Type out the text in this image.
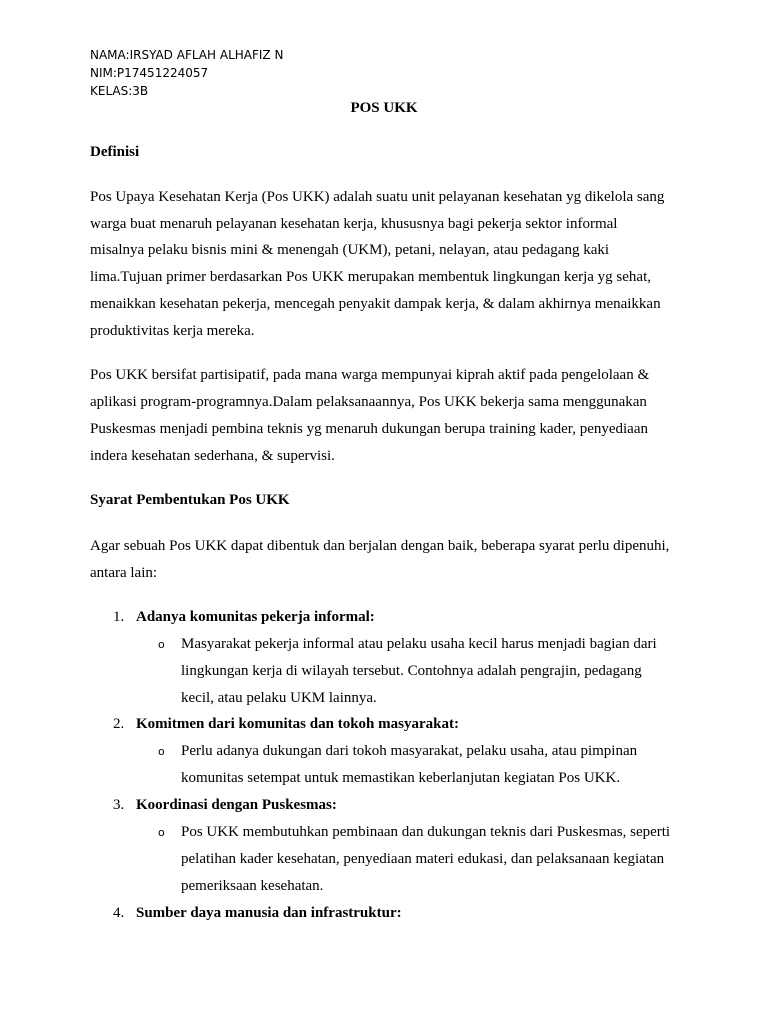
NAMA:IRSYAD AFLAH ALHAFIZ N
NIM:P17451224057
KELAS:3B
POS UKK
Definisi
Pos Upaya Kesehatan Kerja (Pos UKK) adalah suatu unit pelayanan kesehatan yg dikelola sang
warga buat menaruh pelayanan kesehatan kerja, khususnya bagi pekerja sektor informal
misalnya pelaku bisnis mini & menengah (UKM), petani, nelayan, atau pedagang kaki
lima.Tujuan primer berdasarkan Pos UKK merupakan membentuk lingkungan kerja yg sehat,
menaikkan kesehatan pekerja, mencegah penyakit dampak kerja, & dalam akhirnya menaikkan
produktivitas kerja mereka.
Pos UKK bersifat partisipatif, pada mana warga mempunyai kiprah aktif pada pengelolaan &
aplikasi program-programnya.Dalam pelaksanaannya, Pos UKK bekerja sama menggunakan
Puskesmas menjadi pembina teknis yg menaruh dukungan berupa training kader, penyediaan
indera kesehatan sederhana, & supervisi.
Syarat Pembentukan Pos UKK
Agar sebuah Pos UKK dapat dibentuk dan berjalan dengan baik, beberapa syarat perlu dipenuhi,
antara lain:
1. Adanya komunitas pekerja informal:
o Masyarakat pekerja informal atau pelaku usaha kecil harus menjadi bagian dari
lingkungan kerja di wilayah tersebut. Contohnya adalah pengrajin, pedagang
kecil, atau pelaku UKM lainnya.
2. Komitmen dari komunitas dan tokoh masyarakat:
o Perlu adanya dukungan dari tokoh masyarakat, pelaku usaha, atau pimpinan
komunitas setempat untuk memastikan keberlanjutan kegiatan Pos UKK.
3. Koordinasi dengan Puskesmas:
o Pos UKK membutuhkan pembinaan dan dukungan teknis dari Puskesmas, seperti
pelatihan kader kesehatan, penyediaan materi edukasi, dan pelaksanaan kegiatan
pemeriksaan kesehatan.
4. Sumber daya manusia dan infrastruktur:
